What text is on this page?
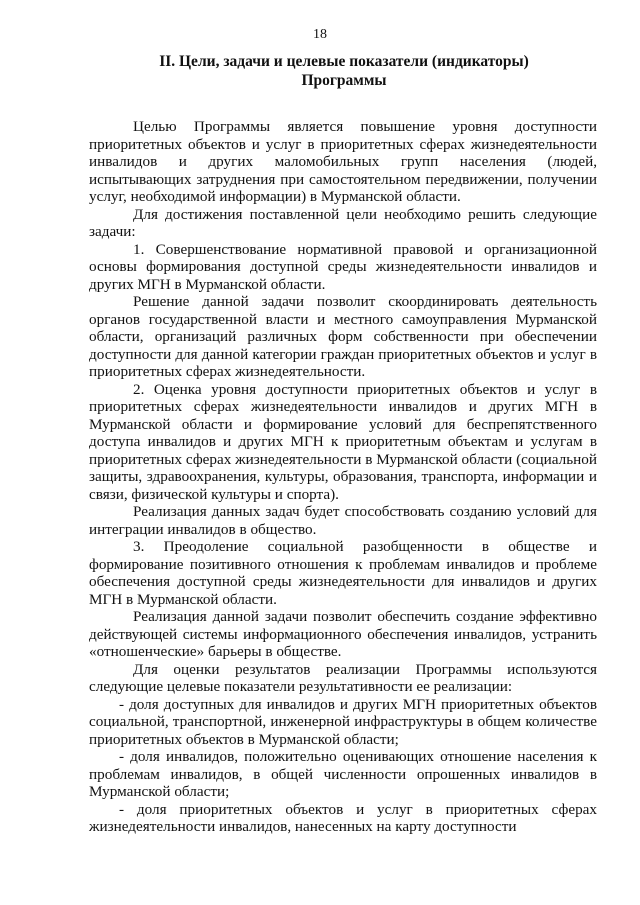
18
II. Цели, задачи и целевые показатели (индикаторы)
Программы

Целью Программы является повышение уровня доступности приоритетных объектов и услуг в приоритетных сферах жизнедеятельности инвалидов и других маломобильных групп населения (людей, испытывающих затруднения при самостоятельном передвижении, получении услуг, необходимой информации) в Мурманской области.

Для достижения поставленной цели необходимо решить следующие задачи:

1. Совершенствование нормативной правовой и организационной основы формирования доступной среды жизнедеятельности инвалидов и других МГН в Мурманской области.

Решение данной задачи позволит скоординировать деятельность органов государственной власти и местного самоуправления Мурманской области, организаций различных форм собственности при обеспечении доступности для данной категории граждан приоритетных объектов и услуг в приоритетных сферах жизнедеятельности.

2. Оценка уровня доступности приоритетных объектов и услуг в приоритетных сферах жизнедеятельности инвалидов и других МГН в Мурманской области и формирование условий для беспрепятственного доступа инвалидов и других МГН к приоритетным объектам и услугам в приоритетных сферах жизнедеятельности в Мурманской области (социальной защиты, здравоохранения, культуры, образования, транспорта, информации и связи, физической культуры и спорта).

Реализация данных задач будет способствовать созданию условий для интеграции инвалидов в общество.

3. Преодоление социальной разобщенности в обществе и формирование позитивного отношения к проблемам инвалидов и проблеме обеспечения доступной среды жизнедеятельности для инвалидов и других МГН в Мурманской области.

Реализация данной задачи позволит обеспечить создание эффективно действующей системы информационного обеспечения инвалидов, устранить «отношенческие» барьеры в обществе.

Для оценки результатов реализации Программы используются следующие целевые показатели результативности ее реализации:

- доля доступных для инвалидов и других МГН приоритетных объектов социальной, транспортной, инженерной инфраструктуры в общем количестве приоритетных объектов в Мурманской области;

- доля инвалидов, положительно оценивающих отношение населения к проблемам инвалидов, в общей численности опрошенных инвалидов в Мурманской области;

- доля приоритетных объектов и услуг в приоритетных сферах жизнедеятельности инвалидов, нанесенных на карту доступности
